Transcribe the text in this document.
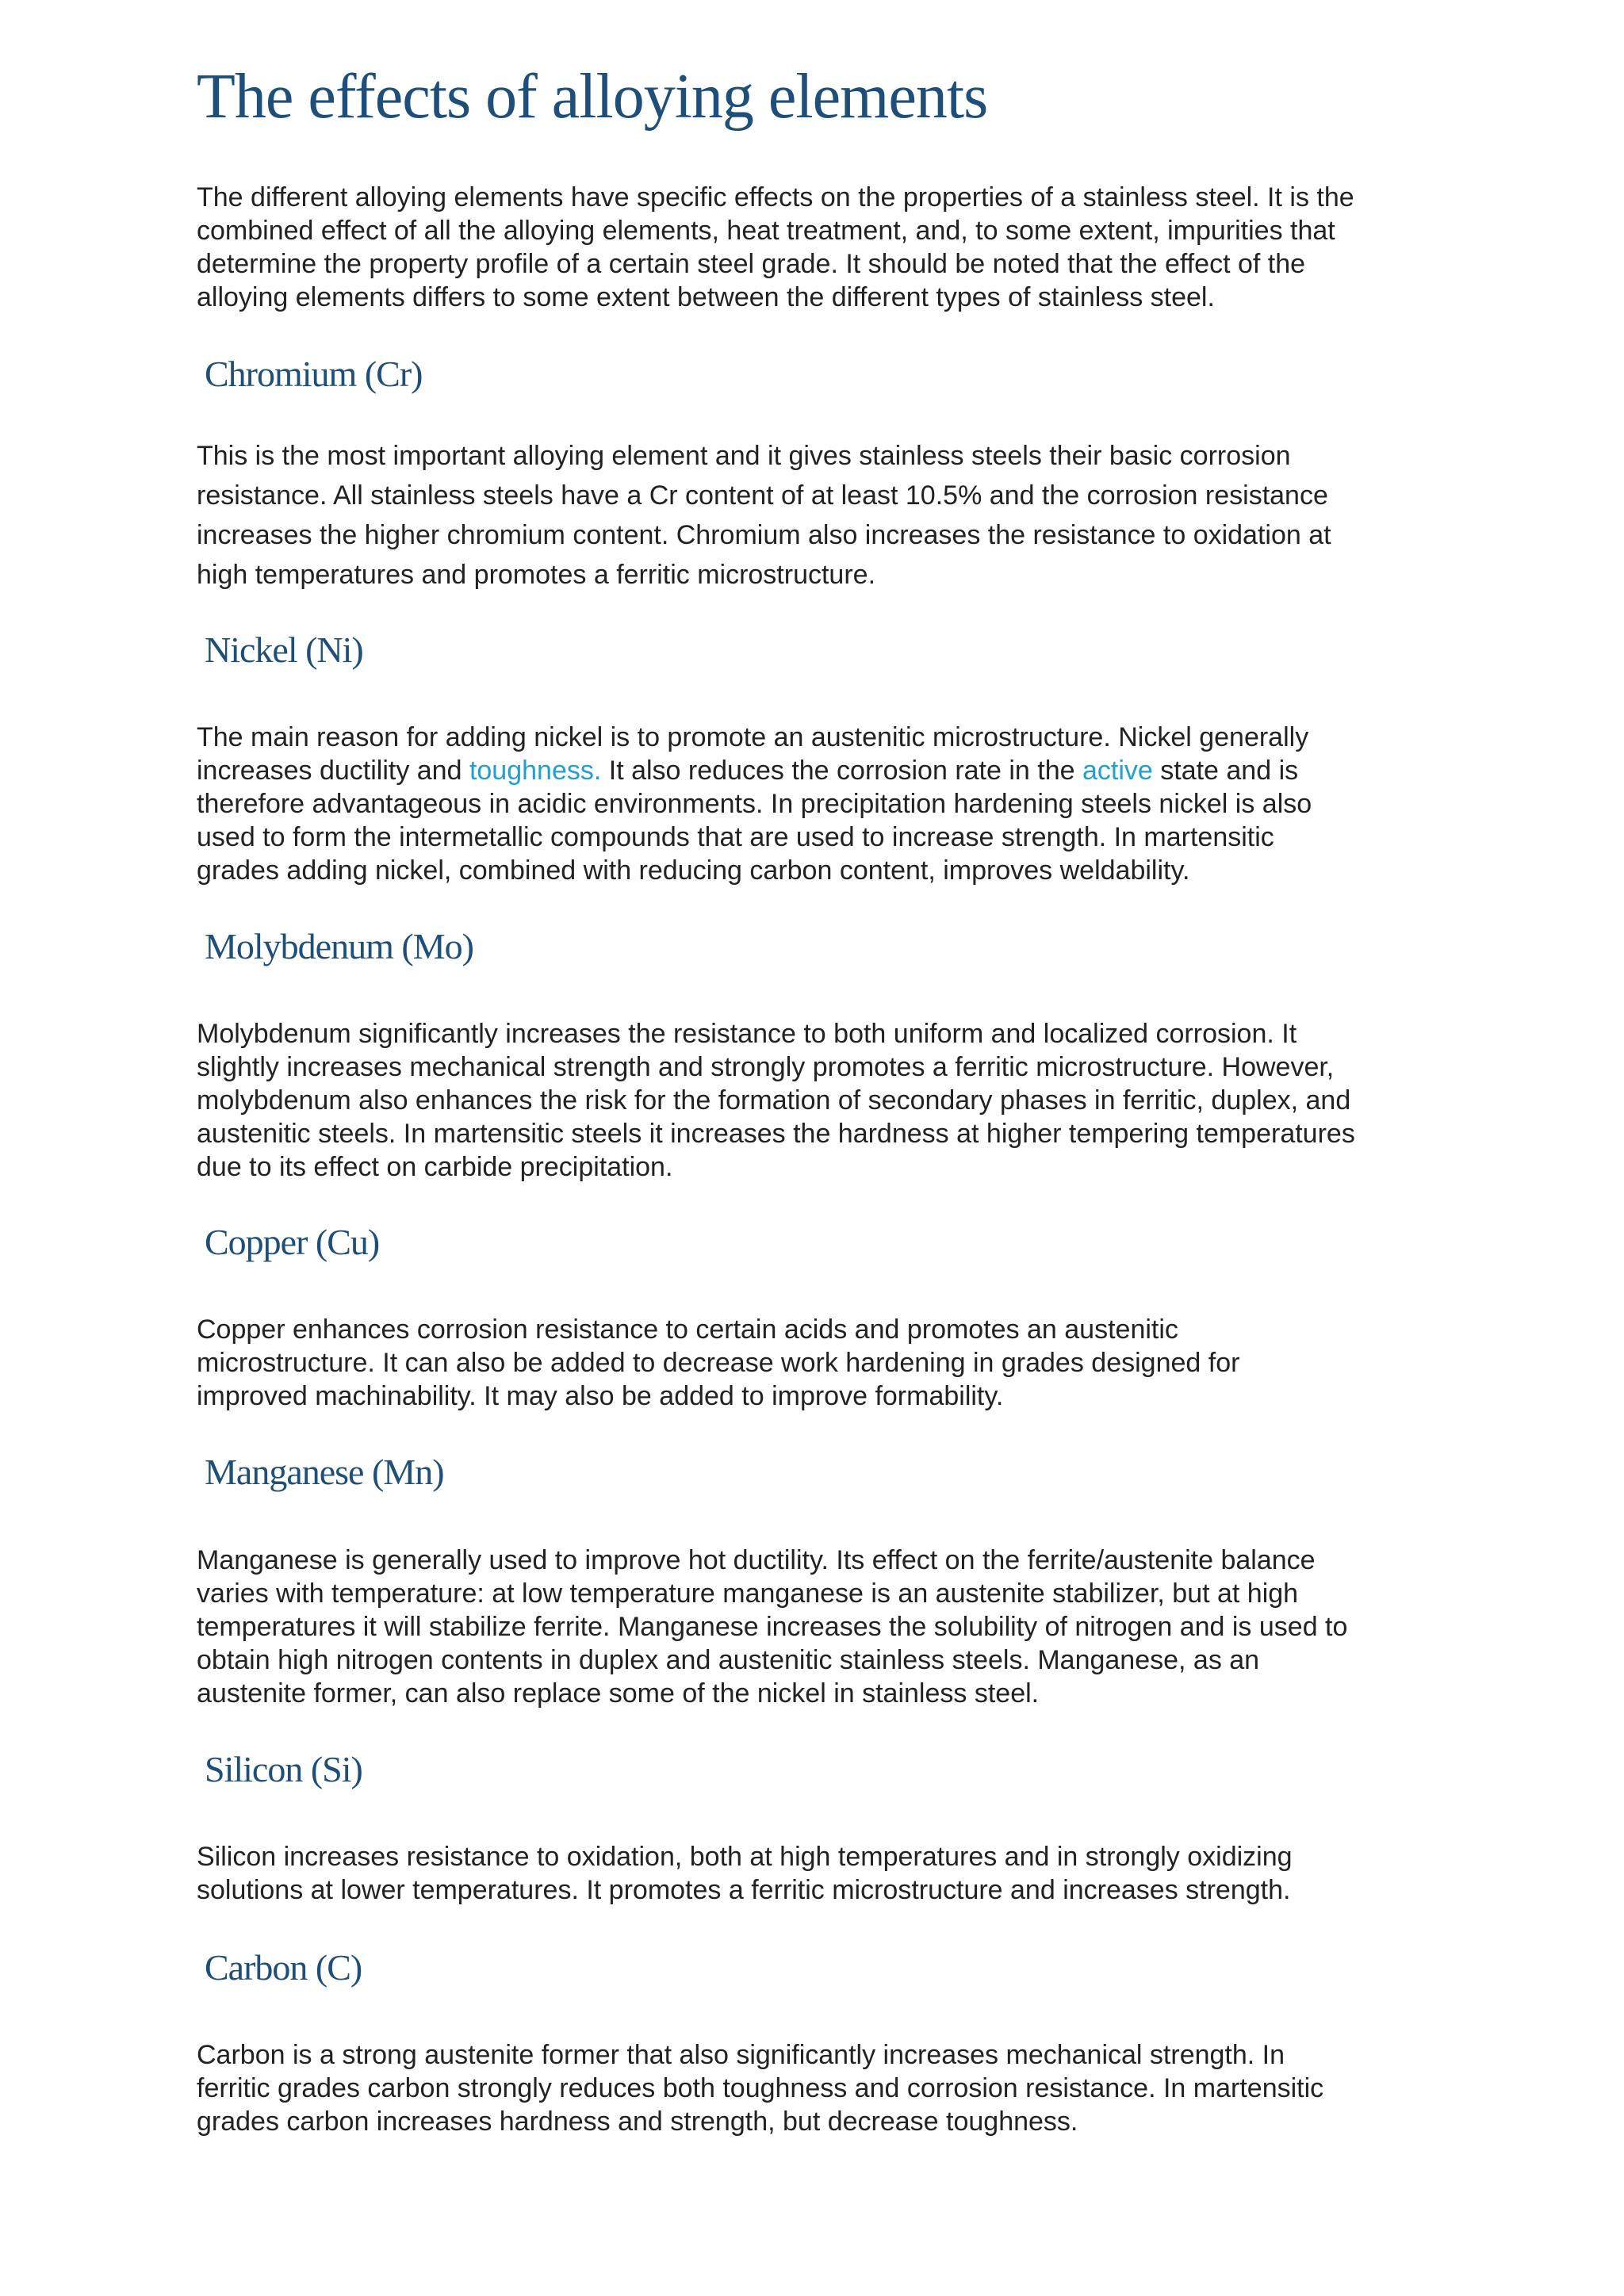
The effects of alloying elements

The different alloying elements have specific effects on the properties of a stainless steel. It is the
combined effect of all the alloying elements, heat treatment, and, to some extent, impurities that
determine the property profile of a certain steel grade. It should be noted that the effect of the
alloying elements differs to some extent between the different types of stainless steel.

Chromium (Cr)

This is the most important alloying element and it gives stainless steels their basic corrosion
resistance. All stainless steels have a Cr content of at least 10.5% and the corrosion resistance
increases the higher chromium content. Chromium also increases the resistance to oxidation at
high temperatures and promotes a ferritic microstructure.

Nickel (Ni)

The main reason for adding nickel is to promote an austenitic microstructure. Nickel generally
increases ductility and toughness. It also reduces the corrosion rate in the active state and is
therefore advantageous in acidic environments. In precipitation hardening steels nickel is also
used to form the intermetallic compounds that are used to increase strength. In martensitic
grades adding nickel, combined with reducing carbon content, improves weldability.

Molybdenum (Mo)

Molybdenum significantly increases the resistance to both uniform and localized corrosion. It
slightly increases mechanical strength and strongly promotes a ferritic microstructure. However,
molybdenum also enhances the risk for the formation of secondary phases in ferritic, duplex, and
austenitic steels. In martensitic steels it increases the hardness at higher tempering temperatures
due to its effect on carbide precipitation.

Copper (Cu)

Copper enhances corrosion resistance to certain acids and promotes an austenitic
microstructure. It can also be added to decrease work hardening in grades designed for
improved machinability. It may also be added to improve formability.

Manganese (Mn)

Manganese is generally used to improve hot ductility. Its effect on the ferrite/austenite balance
varies with temperature: at low temperature manganese is an austenite stabilizer, but at high
temperatures it will stabilize ferrite. Manganese increases the solubility of nitrogen and is used to
obtain high nitrogen contents in duplex and austenitic stainless steels. Manganese, as an
austenite former, can also replace some of the nickel in stainless steel.

Silicon (Si)

Silicon increases resistance to oxidation, both at high temperatures and in strongly oxidizing
solutions at lower temperatures. It promotes a ferritic microstructure and increases strength.

Carbon (C)

Carbon is a strong austenite former that also significantly increases mechanical strength. In
ferritic grades carbon strongly reduces both toughness and corrosion resistance. In martensitic
grades carbon increases hardness and strength, but decrease toughness.
